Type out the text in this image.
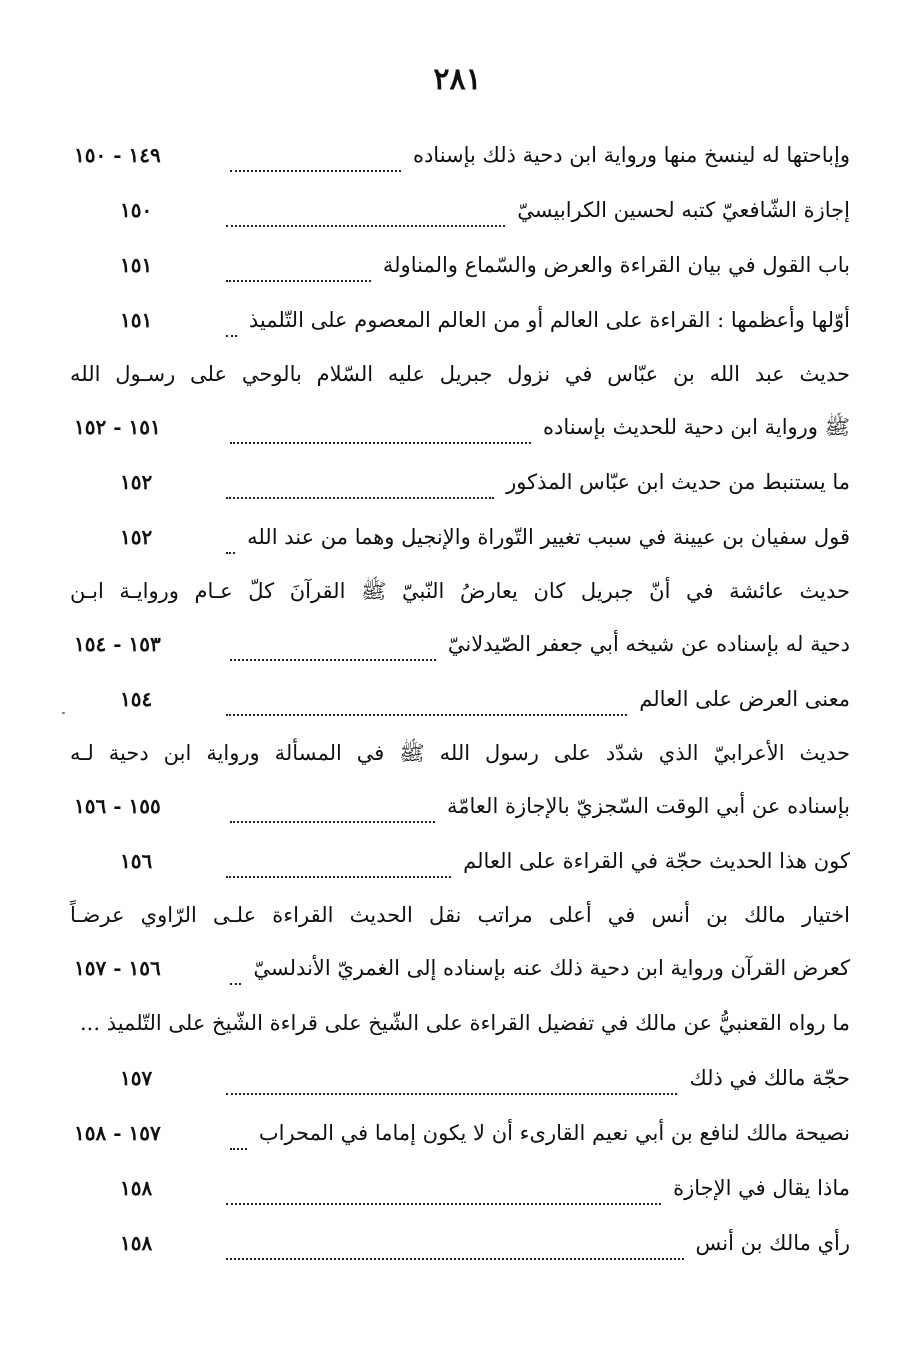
٢٨١
وإباحتها له لينسخ منها ورواية ابن دحية ذلك بإسناده
١٤٩ - ١٥٠
إجازة الشّافعيّ كتبه لحسين الكرابيسيّ
١٥٠
باب القول في بيان القراءة والعرض والسّماع والمناولة
١٥١
أوّلها وأعظمها : القراءة على العالم أو من العالم المعصوم على التّلميذ
١٥١
حديث عبد الله بن عبّاس في نزول جبريل عليه السّلام بالوحي على رسـول الله
ﷺ ورواية ابن دحية للحديث بإسناده
١٥١ - ١٥٢
ما يستنبط من حديث ابن عبّاس المذكور
١٥٢
قول سفيان بن عيينة في سبب تغيير التّوراة والإنجيل وهما من عند الله
١٥٢
حديث عائشة في أنّ جبريل كان يعارضُ النّبيّ ﷺ القرآنَ كلّ عـام وروايـة ابـن
دحية له بإسناده عن شيخه أبي جعفر الصّيدلانيّ
١٥٣ - ١٥٤
معنى العرض على العالم
١٥٤
حديث الأعرابيّ الذي شدّد على رسول الله ﷺ في المسألة ورواية ابن دحية لـه
بإسناده عن أبي الوقت السّجزيّ بالإجازة العامّة
١٥٥ - ١٥٦
كون هذا الحديث حجّة في القراءة على العالم
١٥٦
اختيار مالك بن أنس في أعلى مراتب نقل الحديث القراءة علـى الرّاوي عرضـاً
كعرض القرآن ورواية ابن دحية ذلك عنه بإسناده إلى الغمريّ الأندلسيّ
١٥٦ - ١٥٧
ما رواه القعنبيُّ عن مالك في تفضيل القراءة على الشّيخ على قراءة الشّيخ على التّلميذ ...
حجّة مالك في ذلك
١٥٧
نصيحة مالك لنافع بن أبي نعيم القارىء أن لا يكون إماما في المحراب
١٥٧ - ١٥٨
ماذا يقال في الإجازة
١٥٨
رأي مالك بن أنس
١٥٨
